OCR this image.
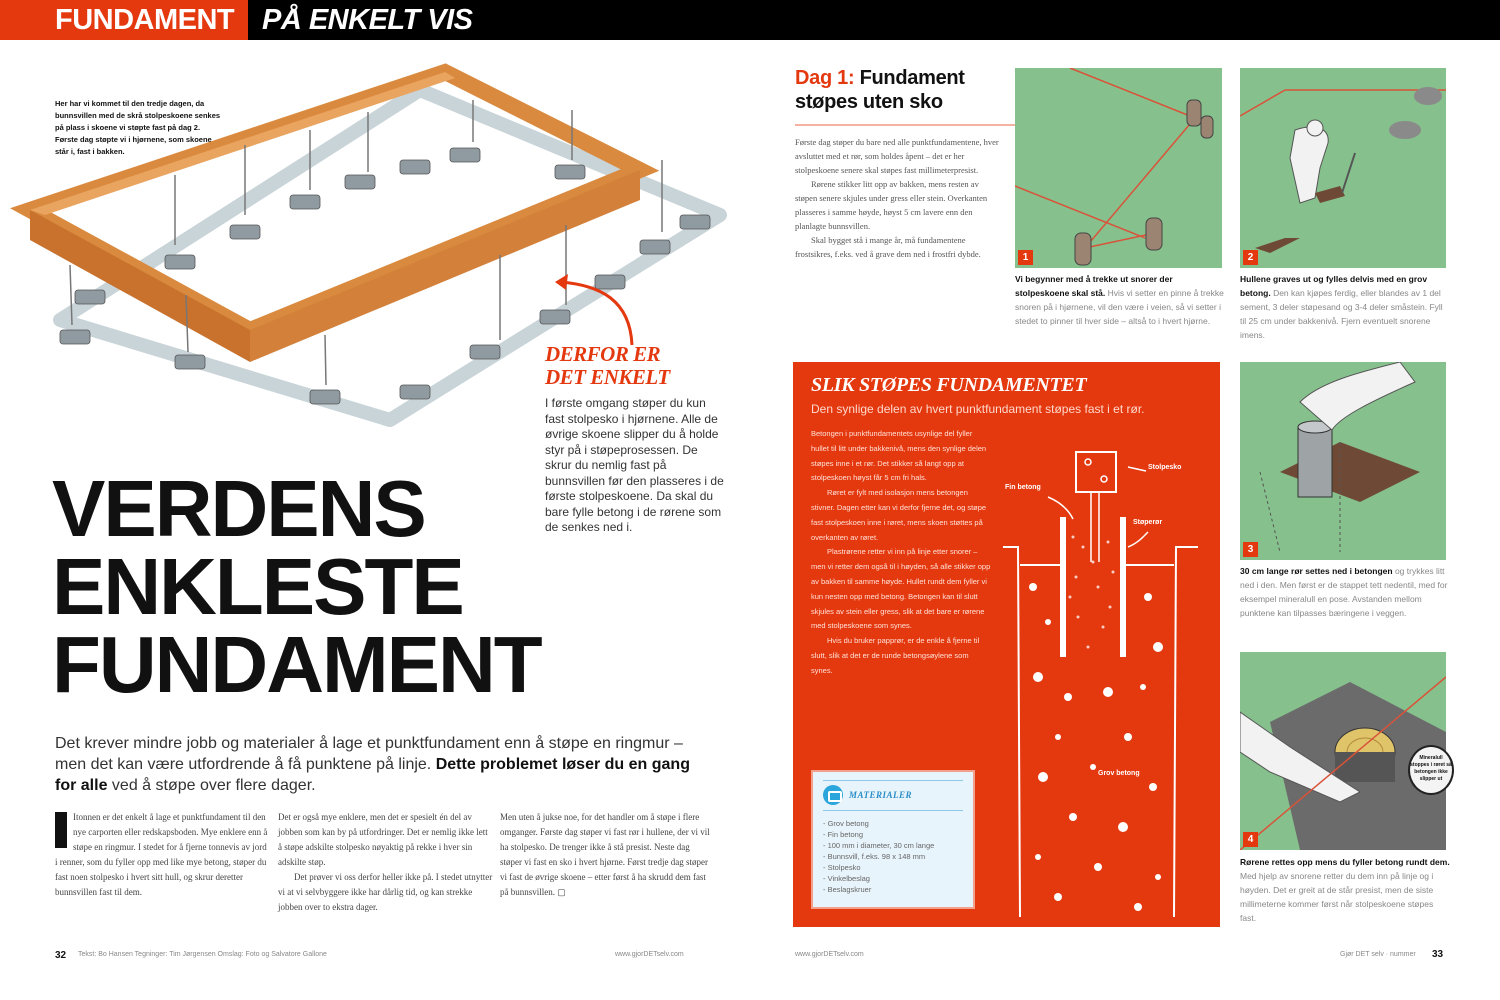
FUNDAMENT PÅ ENKELT VIS
Her har vi kommet til den tredje dagen, da bunnsvillen med de skrå stolpeskoene senkes på plass i skoene vi støpte fast på dag 2. Første dag støpte vi i hjørnene, som skoene står i, fast i bakken.
DERFOR ER
DET ENKELT
I første omgang støper du kun fast stolpesko i hjørnene. Alle de øvrige skoene slipper du å holde styr på i støpeprosessen. De skrur du nemlig fast på bunnsvillen før den plasseres i de første stolpeskoene. Da skal du bare fylle betong i de rørene som de senkes ned i.
VERDENS
ENKLESTE
FUNDAMENT
Det krever mindre jobb og materialer å lage et punktfundament enn å støpe en ringmur – men det kan være utfordrende å få punktene på linje. Dette problemet løser du en gang for alle ved å støpe over flere dager.
Itonnen er det enkelt å lage et punktfundament til den nye carporten eller redskapsboden. Mye enklere enn å støpe en ringmur. I stedet for å fjerne tonnevis av jord i renner, som du fyller opp med like mye betong, støper du fast noen stolpesko i hvert sitt hull, og skrur deretter bunnsvillen fast til dem.

Det er også mye enklere, men det er spesielt én del av jobben som kan by på utfordringer. Det er nemlig ikke lett å støpe adskilte stolpesko nøyaktig på rekke i hver sin adskilte støp.

Det prøver vi oss derfor heller ikke på. I stedet utnytter vi at vi selvbyggere ikke har dårlig tid, og kan strekke jobben over to ekstra dager.

Men uten å jukse noe, for det handler om å støpe i flere omganger. Første dag støper vi fast rør i hullene, der vi vil ha stolpesko. De trenger ikke å stå presist. Neste dag støper vi fast en sko i hvert hjørne. Først tredje dag støper vi fast de øvrige skoene – etter først å ha skrudd dem fast på bunnsvillen. ▢

32 Tekst: Bo Hansen Tegninger: Tim Jørgensen Omslag: Foto og Salvatore Gallone	www.gjorDETselv.com
Dag 1: Fundament
støpes uten sko

Første dag støper du bare ned alle punktfundamentene, hver avsluttet med et rør, som holdes åpent – det er her stolpeskoene senere skal støpes fast millimeterpresist.

Rørene stikker litt opp av bakken, mens resten av støpen senere skjules under gress eller stein. Overkanten plasseres i samme høyde, høyst 5 cm lavere enn den planlagte bunnsvillen.

Skal bygget stå i mange år, må fundamentene frostsikres, f.eks. ved å grave dem ned i frostfri dybde.	1
Vi begynner med å trekke ut snorer der stolpeskoene skal stå. Hvis vi setter en pinne å trekke snoren på i hjørnene, vil den være i veien, så vi setter i stedet to pinner til hver side – altså to i hvert hjørne.
2
Hullene graves ut og fylles delvis med en grov betong. Den kan kjøpes ferdig, eller blandes av 1 del sement, 3 deler støpesand og 3-4 deler småstein. Fyll til 25 cm under bakkenivå. Fjern eventuelt snorene imens.
3
30 cm lange rør settes ned i betongen og trykkes litt ned i den. Men først er de stappet tett nedentil, med for eksempel mineralull en pose. Avstanden mellom punktene kan tilpasses bæringene i veggen.
4
Mineralull stoppes i røret så betongen ikke slipper ut
Rørene rettes opp mens du fyller betong rundt dem. Med hjelp av snorene retter du dem inn på linje og i høyden. Det er greit at de står presist, men de siste millimeterne kommer først når stolpeskoene støpes fast.
SLIK STØPES FUNDAMENTET
Den synlige delen av hvert punktfundament støpes fast i et rør.

Betongen i punktfundamentets usynlige del fyller hullet til litt under bakkenivå, mens den synlige delen støpes inne i et rør. Det stikker så langt opp at stolpeskoen høyst får 5 cm fri hals.

Røret er fylt med isolasjon mens betongen stivner. Dagen etter kan vi derfor fjerne det, og støpe fast stolpeskoen inne i røret, mens skoen støttes på overkanten av røret.

Plastrørene retter vi inn på linje etter snorer – men vi retter dem også til i høyden, så alle stikker opp av bakken til samme høyde. Hullet rundt dem fyller vi kun nesten opp med betong. Betongen kan til slutt skjules av stein eller gress, slik at det bare er rørene med stolpeskoene som synes.

Hvis du bruker papprør, er de enkle å fjerne til slutt, slik at det er de runde betongsøylene som synes.

Stolpesko
Fin betong
Støperør
Grov betong
MATERIALER
- Grov betong
- Fin betong
- 100 mm i diameter, 30 cm lange
- Bunnsvill, f.eks. 98 x 148 mm
- Stolpesko
- Vinkelbeslag
- Beslagskruer
www.gjorDETselv.com	Gjør DET selv · nummer 33
